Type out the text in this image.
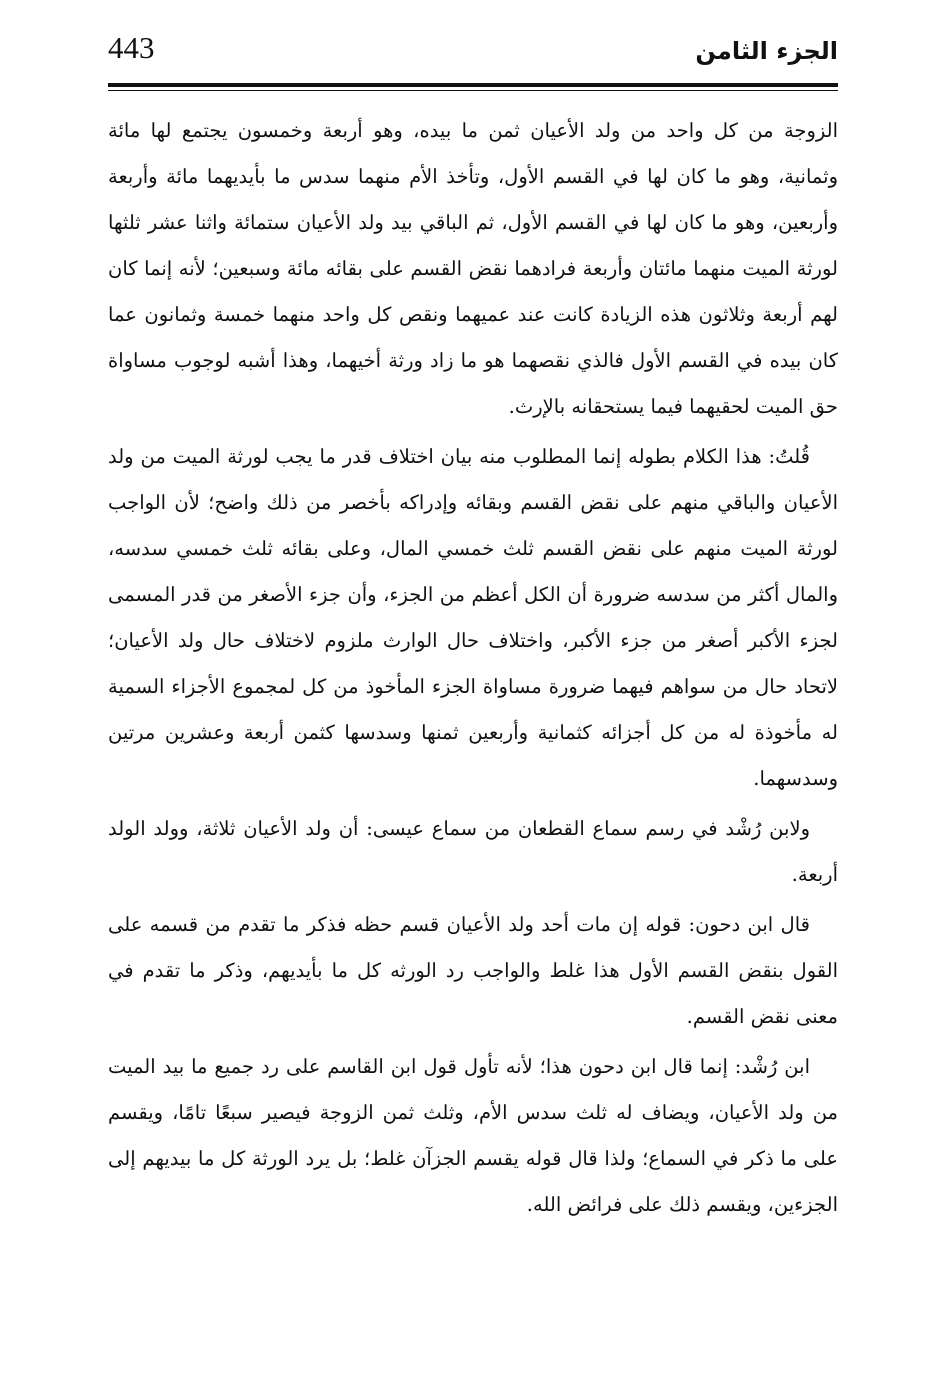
443	الجزء الثامن

الزوجة من كل واحد من ولد الأعيان ثمن ما بيده، وهو أربعة وخمسون يجتمع لها مائة وثمانية، وهو ما كان لها في القسم الأول، وتأخذ الأم منهما سدس ما بأيديهما مائة وأربعة وأربعين، وهو ما كان لها في القسم الأول، ثم الباقي بيد ولد الأعيان ستمائة واثنا عشر ثلثها لورثة الميت منهما مائتان وأربعة فرادهما نقض القسم على بقائه مائة وسبعين؛ لأنه إنما كان لهم أربعة وثلاثون هذه الزيادة كانت عند عميهما ونقص كل واحد منهما خمسة وثمانون عما كان بيده في القسم الأول فالذي نقصهما هو ما زاد ورثة أخيهما، وهذا أشبه لوجوب مساواة حق الميت لحقيهما فيما يستحقانه بالإرث.

قُلتُ: هذا الكلام بطوله إنما المطلوب منه بيان اختلاف قدر ما يجب لورثة الميت من ولد الأعيان والباقي منهم على نقض القسم وبقائه وإدراكه بأخصر من ذلك واضح؛ لأن الواجب لورثة الميت منهم على نقض القسم ثلث خمسي المال، وعلى بقائه ثلث خمسي سدسه، والمال أكثر من سدسه ضرورة أن الكل أعظم من الجزء، وأن جزء الأصغر من قدر المسمى لجزء الأكبر أصغر من جزء الأكبر، واختلاف حال الوارث ملزوم لاختلاف حال ولد الأعيان؛ لاتحاد حال من سواهم فيهما ضرورة مساواة الجزء المأخوذ من كل لمجموع الأجزاء السمية له مأخوذة له من كل أجزائه كثمانية وأربعين ثمنها وسدسها كثمن أربعة وعشرين مرتين وسدسهما.

ولابن رُشْد في رسم سماع القطعان من سماع عيسى: أن ولد الأعيان ثلاثة، وولد الولد أربعة.

قال ابن دحون: قوله إن مات أحد ولد الأعيان قسم حظه فذكر ما تقدم من قسمه على القول بنقض القسم الأول هذا غلط والواجب رد الورثه كل ما بأيديهم، وذكر ما تقدم في معنى نقض القسم.

ابن رُشْد: إنما قال ابن دحون هذا؛ لأنه تأول قول ابن القاسم على رد جميع ما بيد الميت من ولد الأعيان، ويضاف له ثلث سدس الأم، وثلث ثمن الزوجة فيصير سبعًا تامًا، ويقسم على ما ذكر في السماع؛ ولذا قال قوله يقسم الجزآن غلط؛ بل يرد الورثة كل ما بيديهم إلى الجزءين، ويقسم ذلك على فرائض الله.
